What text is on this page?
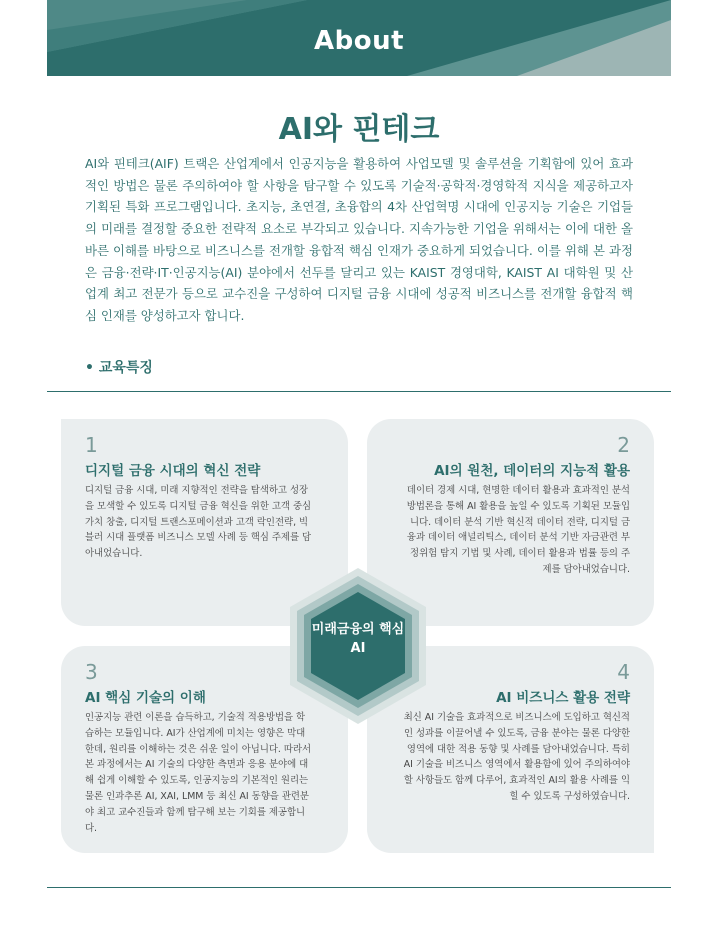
About
AI와 핀테크

AI와 핀테크(AIF) 트랙은 산업계에서 인공지능을 활용하여 사업모델 및 솔루션을 기획함에 있어 효과적인 방법은 물론 주의하여야 할 사항을 탐구할 수 있도록 기술적·공학적·경영학적 지식을 제공하고자 기획된 특화 프로그램입니다. 초지능, 초연결, 초융합의 4차 산업혁명 시대에 인공지능 기술은 기업들의 미래를 결정할 중요한 전략적 요소로 부각되고 있습니다. 지속가능한 기업을 위해서는 이에 대한 올바른 이해를 바탕으로 비즈니스를 전개할 융합적 핵심 인재가 중요하게 되었습니다. 이를 위해 본 과정은 금융·전략·IT·인공지능(AI) 분야에서 선두를 달리고 있는 KAIST 경영대학, KAIST AI 대학원 및 산업계 최고 전문가 등으로 교수진을 구성하여 디지털 금융 시대에 성공적 비즈니스를 전개할 융합적 핵심 인재를 양성하고자 합니다.

• 교육특징
1
디지털 금융 시대의 혁신 전략

디지털 금융 시대, 미래 지향적인 전략을 탐색하고 성장을 모색할 수 있도록 디지털 금융 혁신을 위한 고객 중심 가치 창출, 디지털 트랜스포메이션과 고객 락인전략, 빅블러 시대 플랫폼 비즈니스 모델 사례 등 핵심 주제를 담아내었습니다.

2
AI의 원천, 데이터의 지능적 활용

데이터 경제 시대, 현명한 데이터 활용과 효과적인 분석 방법론을 통해 AI 활용을 높일 수 있도록 기획된 모듈입니다. 데이터 분석 기반 혁신적 데이터 전략, 디지털 금융과 데이터 애널리틱스, 데이터 분석 기반 자금관련 부정위험 탐지 기법 및 사례, 데이터 활용과 법률 등의 주제를 담아내었습니다.

3
AI 핵심 기술의 이해

인공지능 관련 이론을 습득하고, 기술적 적용방법을 학습하는 모듈입니다. AI가 산업계에 미치는 영향은 막대한데, 원리를 이해하는 것은 쉬운 일이 아닙니다. 따라서 본 과정에서는 AI 기술의 다양한 측면과 응용 분야에 대해 쉽게 이해할 수 있도록, 인공지능의 기본적인 원리는 물론 인과추론 AI, XAI, LMM 등 최신 AI 동향을 관련분야 최고 교수진들과 함께 탐구해 보는 기회를 제공합니다.

4
AI 비즈니스 활용 전략

최신 AI 기술을 효과적으로 비즈니스에 도입하고 혁신적인 성과를 이끌어낼 수 있도록, 금융 분야는 물론 다양한 영역에 대한 적용 동향 및 사례를 담아내었습니다. 특히 AI 기술을 비즈니스 영역에서 활용함에 있어 주의하여야 할 사항들도 함께 다루어, 효과적인 AI의 활용 사례를 익힐 수 있도록 구성하였습니다.

미래금융의 핵심
AI
